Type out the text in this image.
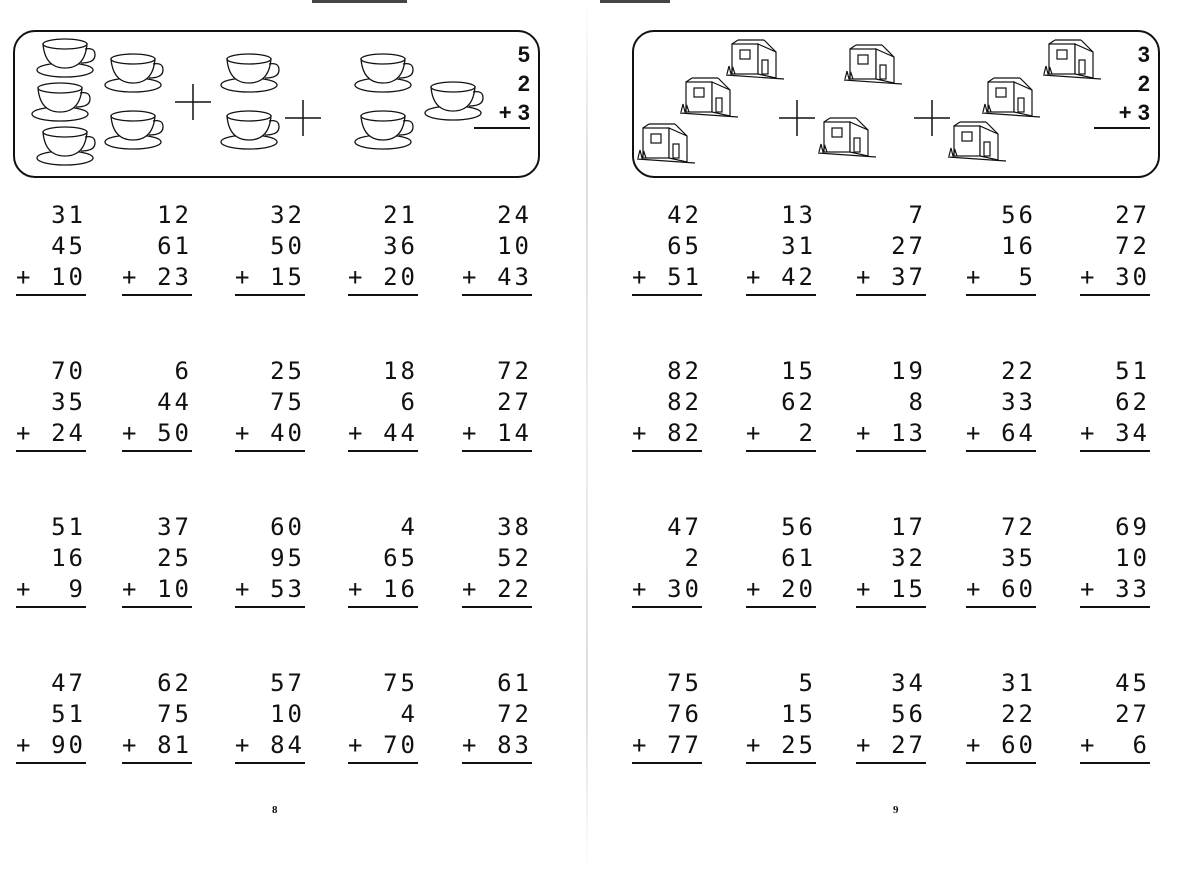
5
2
+ 3
31
45
+ 10
12
61
+ 23
32
50
+ 15
21
36
+ 20
24
10
+ 43
70
35
+ 24
6
44
+ 50
25
75
+ 40
18
6
+ 44
72
27
+ 14
51
16
+ 9
37
25
+ 10
60
95
+ 53
4
65
+ 16
38
52
+ 22
47
51
+ 90
62
75
+ 81
57
10
+ 84
75
4
+ 70
61
72
+ 83
8
3
2
+ 3
42
65
+ 51
13
31
+ 42
7
27
+ 37
56
16
+ 5
27
72
+ 30
82
82
+ 82
15
62
+ 2
19
8
+ 13
22
33
+ 64
51
62
+ 34
47
2
+ 30
56
61
+ 20
17
32
+ 15
72
35
+ 60
69
10
+ 33
75
76
+ 77
5
15
+ 25
34
56
+ 27
31
22
+ 60
45
27
+ 6
9
